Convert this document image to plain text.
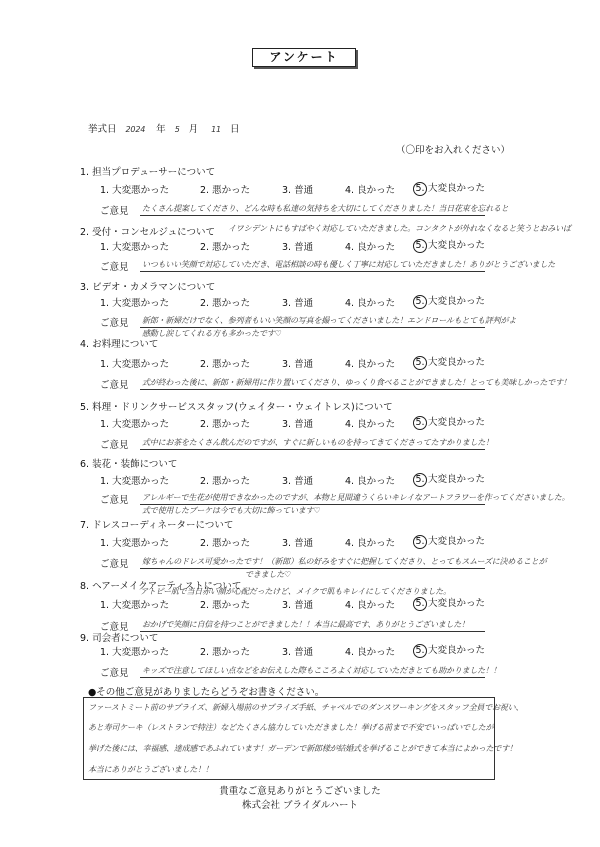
アンケート
挙式日 2024 年 5 月 11 日
（〇印をお入れください）
1. 担当プロデューサーについて
1. 大変悪かった	2. 悪かった	3. 普通	4. 良かった 5. 大変良かった
ご意見 たくさん提案してくださり、どんな時も私達の気持ちを大切にしてくださりました！当日花束を忘れると
2. 受付・コンセルジュについて イワシデントにもすばやく対応していただきました。コンタクトが外れなくなると笑うとおみいば
1. 大変悪かった	2. 悪かった	3. 普通	4. 良かった 5. 大変良かった
ご意見 いつもいい笑顔で対応していただき、電話相談の時も優しく丁寧に対応していただきました！ありがとうございました
3. ビデオ・カメラマンについて
1. 大変悪かった	2. 悪かった	3. 普通	4. 良かった 5. 大変良かった
ご意見 新郎・新婦だけでなく、参列者もいい笑顔の写真を撮ってくださいました！エンドロールもとても評判がよ
感動し涙してくれる方も多かったです♡
4. お料理について
1. 大変悪かった	2. 悪かった	3. 普通	4. 良かった 5. 大変良かった
ご意見 式が終わった後に、新郎・新婦用に作り置いてくださり、ゆっくり食べることができました！とっても美味しかったです！
5. 料理・ドリンクサービススタッフ(ウェイター・ウェイトレス)について
1. 大変悪かった	2. 悪かった	3. 普通	4. 良かった 5. 大変良かった
ご意見 式中にお茶をたくさん飲んだのですが、すぐに新しいものを持ってきてくださってたすかりました！
6. 装花・装飾について
1. 大変悪かった	2. 悪かった	3. 普通	4. 良かった 5. 大変良かった
ご意見 アレルギーで生花が使用できなかったのですが、本物と見間違うくらいキレイなアートフラワーを作ってくださいました。
式で使用したブーケは今でも大切に飾っています♡
7. ドレスコーディネーターについて
1. 大変悪かった	2. 悪かった	3. 普通	4. 良かった 5. 大変良かった
ご意見 嫁ちゃんのドレス可愛かったです！（新郎）私の好みをすぐに把握してくださり、とってもスムーズに決めることが
できました♡
8. ヘアーメイクアーティストについて
アトピー肌で当日赤い顔が心配だったけど、メイクで肌もキレイにしてくださりました。
1. 大変悪かった	2. 悪かった	3. 普通	4. 良かった 5. 大変良かった
ご意見 おかげで笑顔に自信を持つことができました！！本当に最高です、ありがとうございました！
9. 司会者について
1. 大変悪かった	2. 悪かった	3. 普通	4. 良かった 5. 大変良かった
ご意見 キッズで注意してほしい点などをお伝えした際もこころよく対応していただきとても助かりました！！
●その他ご意見がありましたらどうぞお書きください。
ファーストミート前のサプライズ、新婦入場前のサプライズ手紙、チャペルでのダンスワーキングをスタッフ全員でお祝い、
あと寿司ケーキ（レストランで特注）などたくさん協力していただきました！挙げる前まで不安でいっぱいでしたが
挙げた後には、幸福感、達成感であふれています！ガーデンで新郎様が結婚式を挙げることができて本当によかったです！
本当にありがとうございました！！
貴重なご意見ありがとうございました
株式会社 ブライダルハート
